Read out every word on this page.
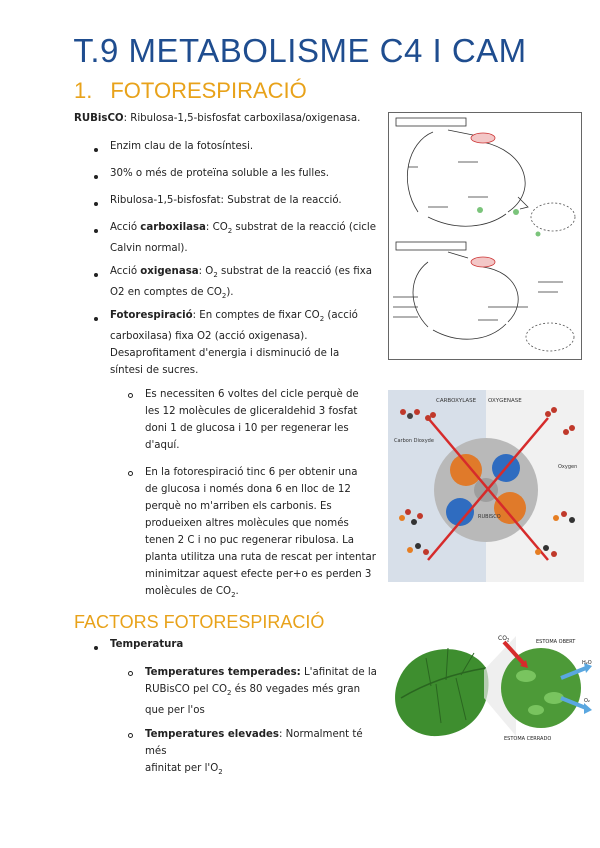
T.9 METABOLISME C4 I CAM
1. FOTORESPIRACIÓ
RUBisCO: Ribulosa-1,5-bisfosfat carboxilasa/oxigenasa.
Enzim clau de la fotosíntesi.
30% o més de proteïna soluble a les fulles.
Ribulosa-1,5-bisfosfat: Substrat de la reacció.
Acció carboxilasa: $CO_2$ substrat de la reacció (cicle
Calvin normal).
Acció oxigenasa: $O_2$ substrat de la reacció (es fixa
O2 en comptes de $CO_2$).
Fotorespiració: En comptes de fixar $CO_2$ (acció
carboxilasa) fixa O2 (acció oxigenasa).
Desaprofitament d'energia i disminució de la
síntesi de sucres.
Es necessiten 6 voltes del cicle perquè de
les 12 molècules de gliceraldehid 3 fosfat
doni 1 de glucosa i 10 per regenerar les
d'aquí.
En la fotorespiració tinc 6 per obtenir una
de glucosa i només dona 6 en lloc de 12
perquè no m'arriben els carbonis. Es
produeixen altres molècules que només
tenen 2 C i no puc regenerar ribulosa. La
planta utilitza una ruta de rescat per intentar
minimitzar aquest efecte per+o es perden 3
molècules de $CO_2$.
FACTORS FOTORESPIRACIÓ
Temperatura
Temperatures temperades: L'afinitat de la
RUBisCO pel $CO_2$ és 80 vegades més gran
que per l'os
Temperatures elevades: Normalment té més
afinitat per $l'O_2$
CARBOXYLASE OXYGENASE
Carbon Dioxyde
Oxygen
RUBISCO
$CO_2$	ESTOMA OBERT
H₂O
O₂
ESTOMA CERRADO
